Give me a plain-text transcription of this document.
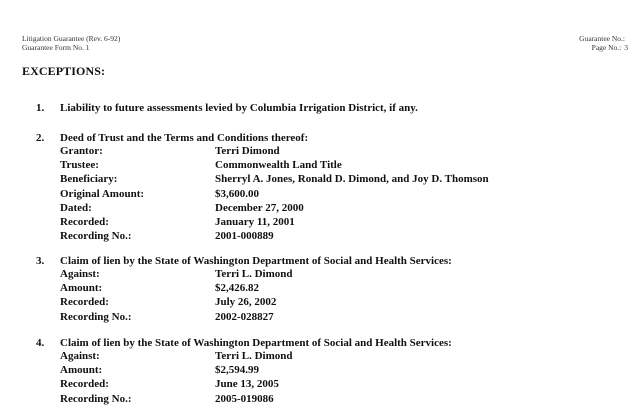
Litigation Guarantee (Rev. 6-92)
Guarantee Form No. 1
Guarantee No.:
Page No.: 3
EXCEPTIONS:
1. Liability to future assessments levied by Columbia Irrigation District, if any.
2. Deed of Trust and the Terms and Conditions thereof:
Grantor:	Terri Dimond
Trustee:	Commonwealth Land Title
Beneficiary:	Sherryl A. Jones, Ronald D. Dimond, and Joy D. Thomson
Original Amount:	$3,600.00
Dated:	December 27, 2000
Recorded:	January 11, 2001
Recording No.:	2001-000889
3. Claim of lien by the State of Washington Department of Social and Health Services:
Against:	Terri L. Dimond
Amount:	$2,426.82
Recorded:	July 26, 2002
Recording No.:	2002-028827
4. Claim of lien by the State of Washington Department of Social and Health Services:
Against:	Terri L. Dimond
Amount:	$2,594.99
Recorded:	June 13, 2005
Recording No.:	2005-019086
